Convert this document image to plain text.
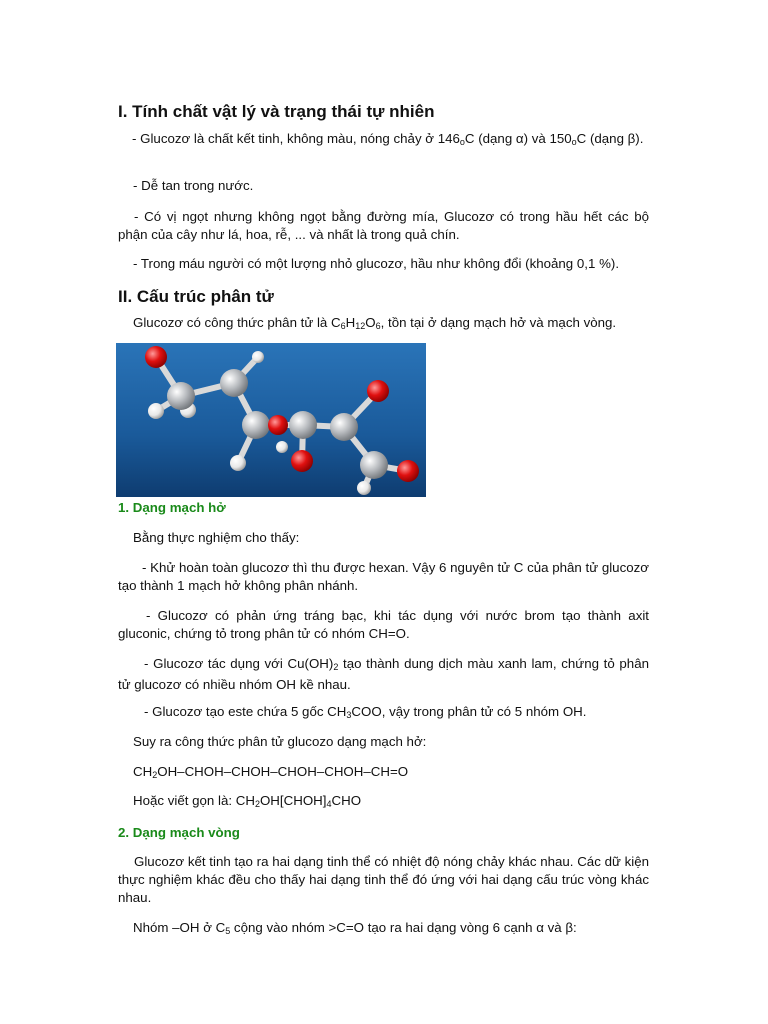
I. Tính chất vật lý và trạng thái tự nhiên

- Glucozơ là chất kết tinh, không màu, nóng chảy ở $146_oC$ (dạng α) và $150_oC$ (dạng β).

- Dễ tan trong nước.

- Có vị ngọt nhưng không ngọt bằng đường mía, Glucozơ có trong hầu hết các bộ phận của cây như lá, hoa, rễ, ... và nhất là trong quả chín.

- Trong máu người có một lượng nhỏ glucozơ, hầu như không đổi (khoảng 0,1 %).

II. Cấu trúc phân tử

Glucozơ có công thức phân tử là $C_6H_{12}O_6$, tồn tại ở dạng mạch hở và mạch vòng.

1. Dạng mạch hở

Bằng thực nghiệm cho thấy:

- Khử hoàn toàn glucozơ thì thu được hexan. Vậy 6 nguyên tử C của phân tử glucozơ tạo thành 1 mạch hở không phân nhánh.

- Glucozơ có phản ứng tráng bạc, khi tác dụng với nước brom tạo thành axit gluconic, chứng tỏ trong phân tử có nhóm CH=O.

- Glucozơ tác dụng với $Cu(OH)_2$ tạo thành dung dịch màu xanh lam, chứng tỏ phân tử glucozơ có nhiều nhóm OH kề nhau.

- Glucozơ tạo este chứa 5 gốc $CH_3COO$, vậy trong phân tử có 5 nhóm OH.

Suy ra công thức phân tử glucozo dạng mạch hở:

$CH_2OH-CHOH-CHOH-CHOH-CHOH-CH=O$

Hoặc viết gọn là: $CH_2OH[CHOH]_4CHO$

2. Dạng mạch vòng

Glucozơ kết tinh tạo ra hai dạng tinh thể có nhiệt độ nóng chảy khác nhau. Các dữ kiện thực nghiệm khác đều cho thấy hai dạng tinh thể đó ứng với hai dạng cấu trúc vòng khác nhau.

Nhóm –OH ở $C_5$ cộng vào nhóm >C=O tạo ra hai dạng vòng 6 cạnh α và β:
